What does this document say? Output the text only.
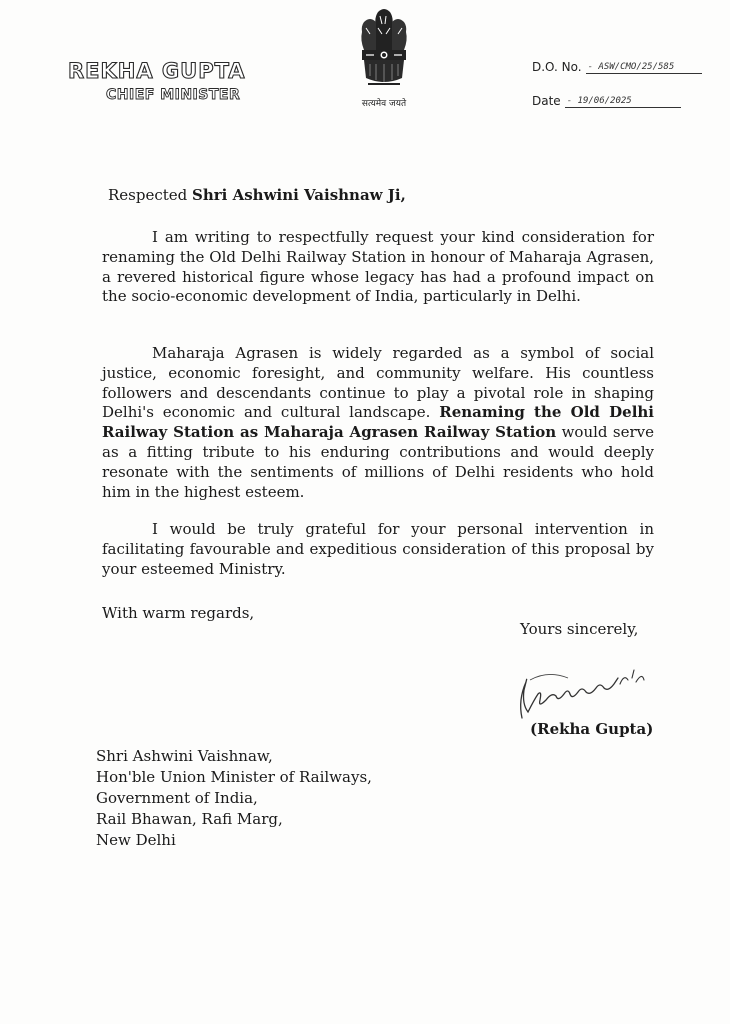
REKHA GUPTA
CHIEF MINISTER
सत्यमेव जयते
D.O. No. - ASW/CMO/25/585
Date - 19/06/2025
Respected Shri Ashwini Vaishnaw Ji,
I am writing to respectfully request your kind consideration for renaming the Old Delhi Railway Station in honour of Maharaja Agrasen, a revered historical figure whose legacy has had a profound impact on the socio-economic development of India, particularly in Delhi.
Maharaja Agrasen is widely regarded as a symbol of social justice, economic foresight, and community welfare. His countless followers and descendants continue to play a pivotal role in shaping Delhi's economic and cultural landscape. Renaming the Old Delhi Railway Station as Maharaja Agrasen Railway Station would serve as a fitting tribute to his enduring contributions and would deeply resonate with the sentiments of millions of Delhi residents who hold him in the highest esteem.
I would be truly grateful for your personal intervention in facilitating favourable and expeditious consideration of this proposal by your esteemed Ministry.
With warm regards,
Yours sincerely,
(Rekha Gupta)
Shri Ashwini Vaishnaw,
Hon'ble Union Minister of Railways,
Government of India,
Rail Bhawan, Rafi Marg,
New Delhi
